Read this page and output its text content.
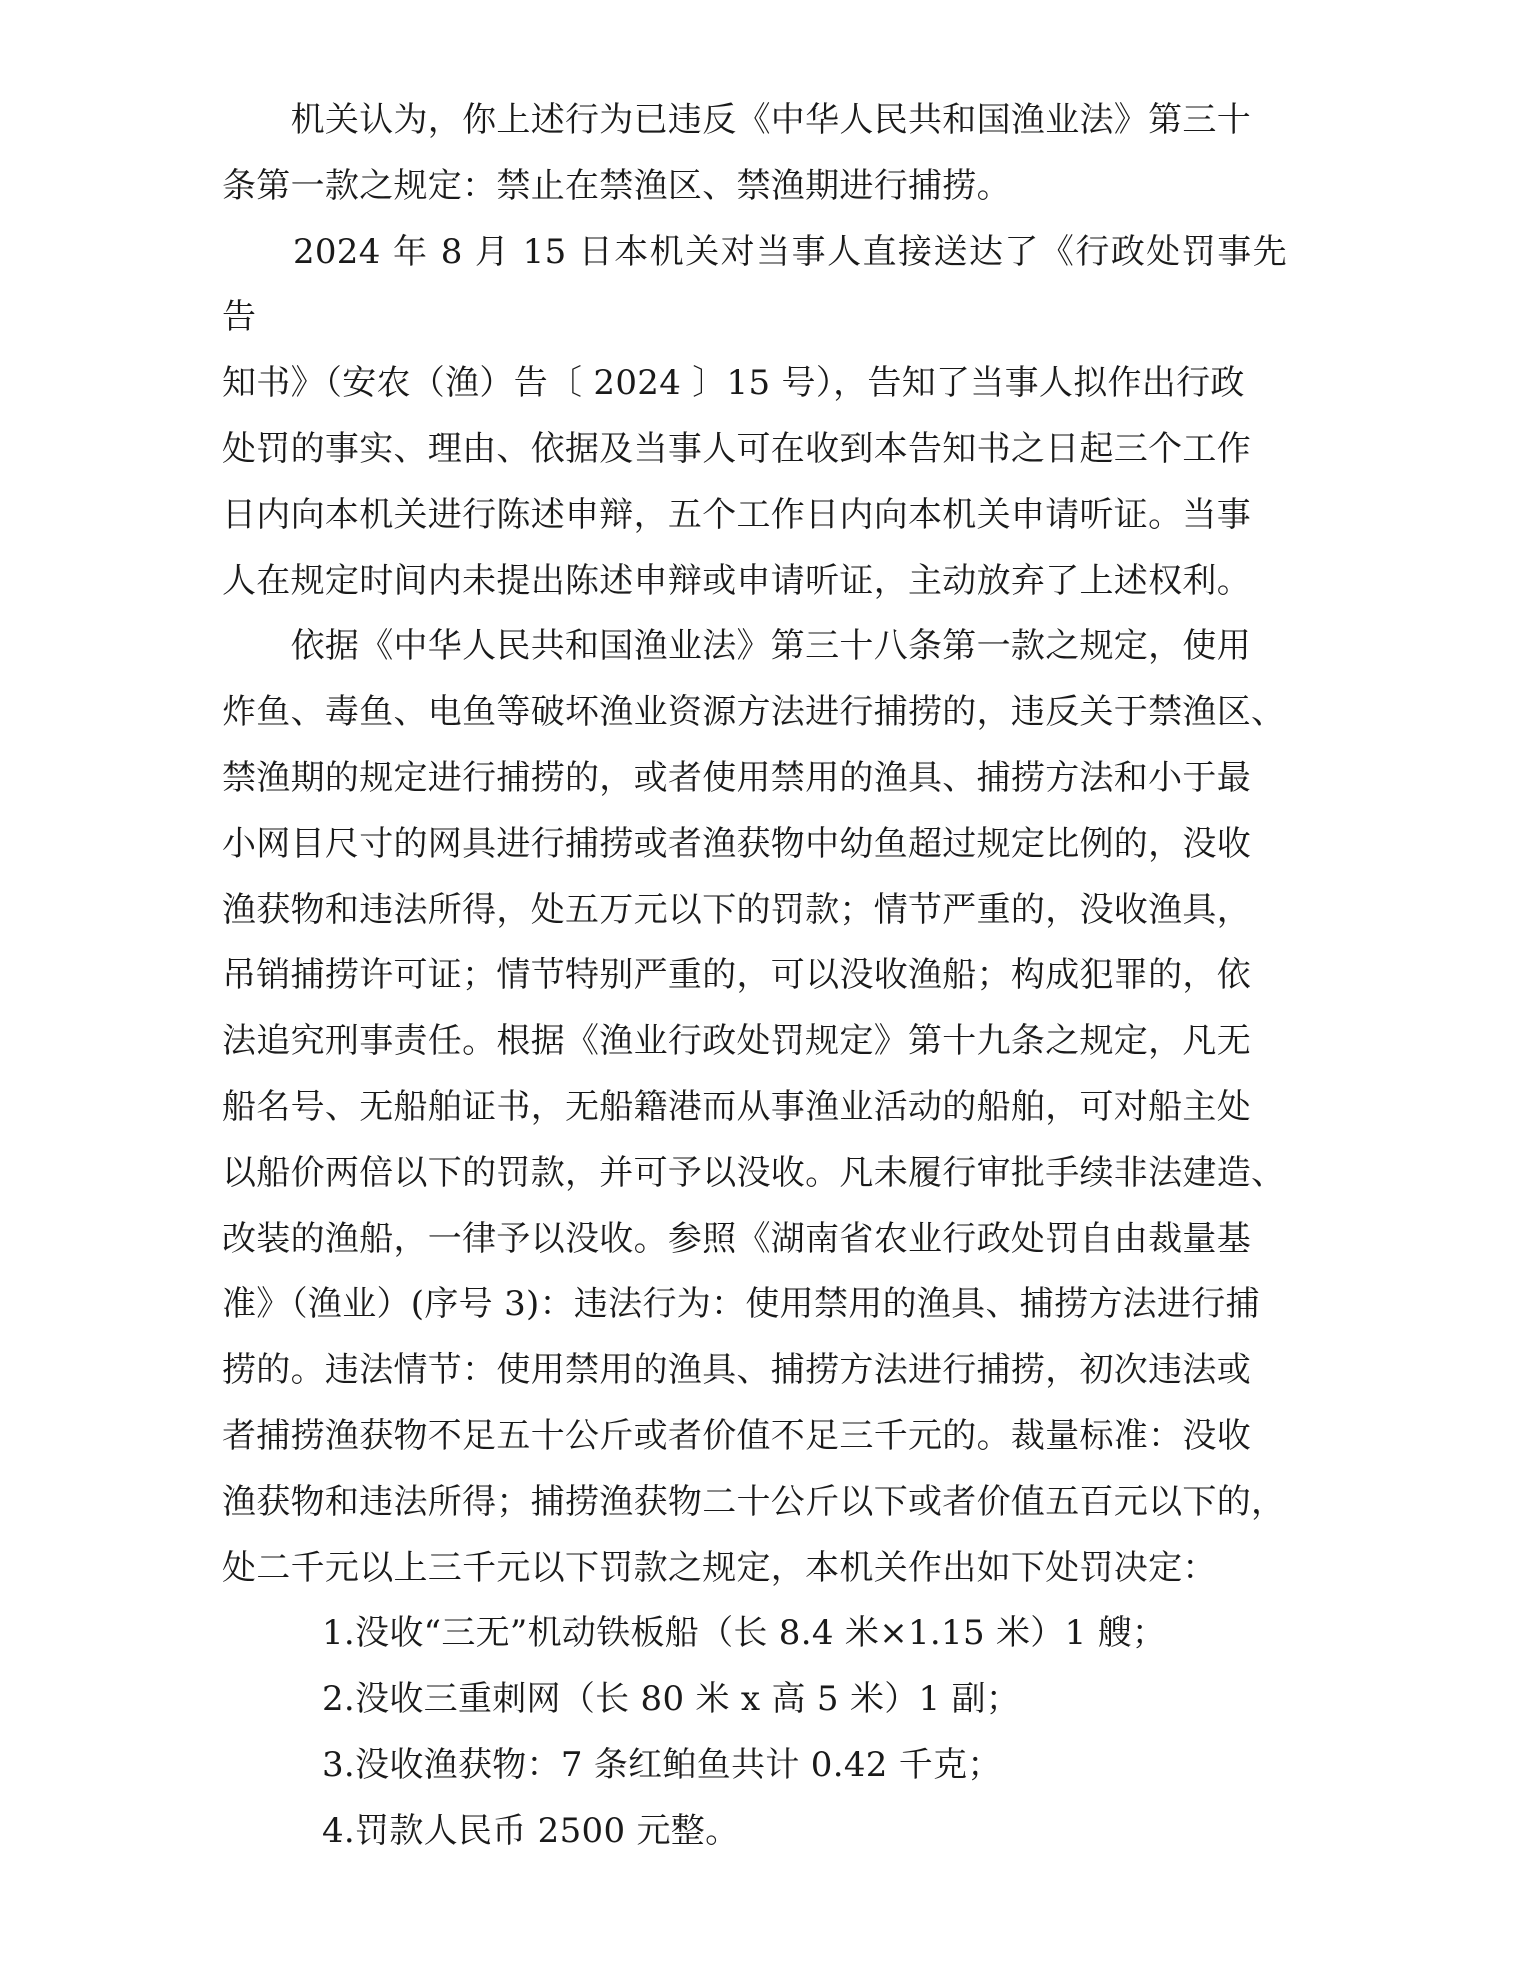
　　机关认为，你上述行为已违反《中华人民共和国渔业法》第三十
条第一款之规定：禁止在禁渔区、禁渔期进行捕捞。
　　2024 年 8 月 15 日本机关对当事人直接送达了《行政处罚事先告
知书》（安农（渔）告〔 2024 〕15 号），告知了当事人拟作出行政
处罚的事实、理由、依据及当事人可在收到本告知书之日起三个工作
日内向本机关进行陈述申辩，五个工作日内向本机关申请听证。当事
人在规定时间内未提出陈述申辩或申请听证，主动放弃了上述权利。
　　依据《中华人民共和国渔业法》第三十八条第一款之规定，使用
炸鱼、毒鱼、电鱼等破坏渔业资源方法进行捕捞的，违反关于禁渔区、
禁渔期的规定进行捕捞的，或者使用禁用的渔具、捕捞方法和小于最
小网目尺寸的网具进行捕捞或者渔获物中幼鱼超过规定比例的，没收
渔获物和违法所得，处五万元以下的罚款；情节严重的，没收渔具，
吊销捕捞许可证；情节特别严重的，可以没收渔船；构成犯罪的，依
法追究刑事责任。根据《渔业行政处罚规定》第十九条之规定，凡无
船名号、无船舶证书，无船籍港而从事渔业活动的船舶，可对船主处
以船价两倍以下的罚款，并可予以没收。凡未履行审批手续非法建造、
改装的渔船，一律予以没收。参照《湖南省农业行政处罚自由裁量基
准》（渔业）(序号 3)：违法行为：使用禁用的渔具、捕捞方法进行捕
捞的。违法情节：使用禁用的渔具、捕捞方法进行捕捞，初次违法或
者捕捞渔获物不足五十公斤或者价值不足三千元的。裁量标准：没收
渔获物和违法所得；捕捞渔获物二十公斤以下或者价值五百元以下的，
处二千元以上三千元以下罚款之规定，本机关作出如下处罚决定：
1.没收“三无”机动铁板船（长 8.4 米×1.15 米）1 艘；
2.没收三重刺网（长 80 米 x 高 5 米）1 副；
3.没收渔获物：7 条红鲌鱼共计 0.42 千克；
4.罚款人民币 2500 元整。
